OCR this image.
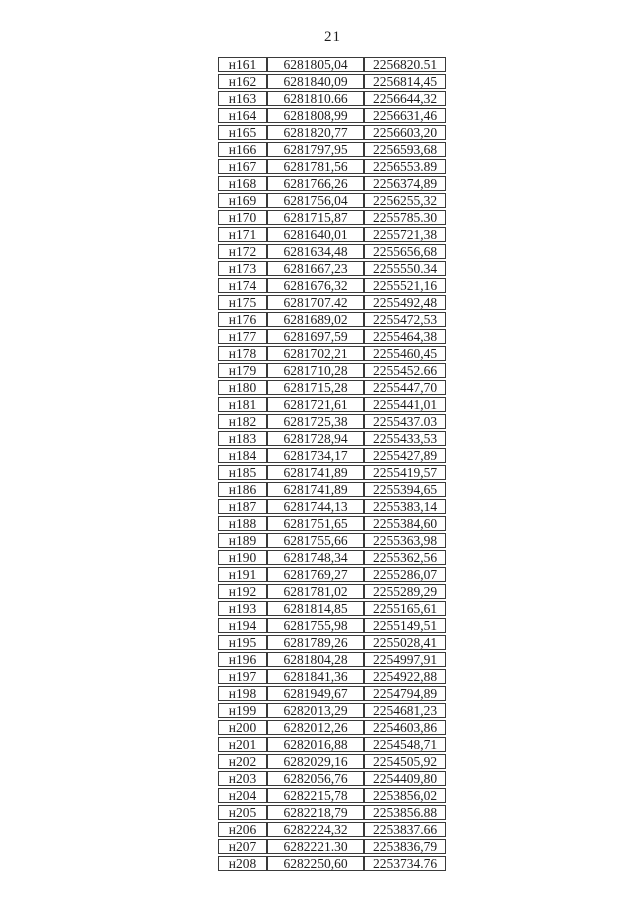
21
н161	6281805,04	2256820.51
н162	6281840,09	2256814,45
н163	6281810.66	2256644,32
н164	6281808,99	2256631,46
н165	6281820,77	2256603,20
н166	6281797,95	2256593,68
н167	6281781,56	2256553.89
н168	6281766,26	2256374,89
н169	6281756,04	2256255,32
н170	6281715,87	2255785.30
н171	6281640,01	2255721,38
н172	6281634,48	2255656,68
н173	6281667,23	2255550.34
н174	6281676,32	2255521,16
н175	6281707.42	2255492,48
н176	6281689,02	2255472,53
н177	6281697,59	2255464,38
н178	6281702,21	2255460,45
н179	6281710,28	2255452.66
н180	6281715,28	2255447,70
н181	6281721,61	2255441,01
н182	6281725,38	2255437.03
н183	6281728,94	2255433,53
н184	6281734,17	2255427,89
н185	6281741,89	2255419,57
н186	6281741,89	2255394,65
н187	6281744,13	2255383,14
н188	6281751,65	2255384,60
н189	6281755,66	2255363,98
н190	6281748,34	2255362,56
н191	6281769,27	2255286,07
н192	6281781,02	2255289,29
н193	6281814,85	2255165,61
н194	6281755,98	2255149,51
н195	6281789,26	2255028,41
н196	6281804,28	2254997,91
н197	6281841,36	2254922,88
н198	6281949,67	2254794,89
н199	6282013,29	2254681,23
н200	6282012,26	2254603,86
н201	6282016,88	2254548,71
н202	6282029,16	2254505,92
н203	6282056,76	2254409,80
н204	6282215,78	2253856,02
н205	6282218,79	2253856.88
н206	6282224,32	2253837.66
н207	6282221.30	2253836,79
н208	6282250,60	2253734.76
